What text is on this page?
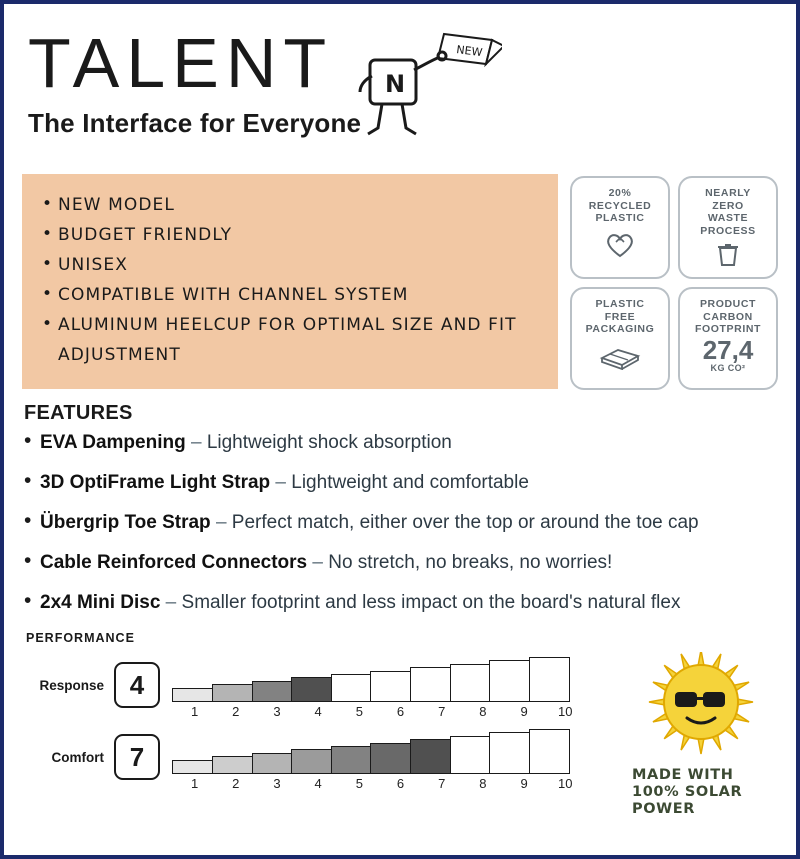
TALENT
The Interface for Everyone
NEW
N
• NEW MODEL
• BUDGET FRIENDLY
• UNISEX
• COMPATIBLE WITH CHANNEL SYSTEM
• ALUMINUM HEELCUP FOR OPTIMAL SIZE AND FIT ADJUSTMENT
20%
RECYCLED
PLASTIC
NEARLY
ZERO
WASTE
PROCESS
PLASTIC
FREE
PACKAGING
PRODUCT
CARBON
FOOTPRINT
27,4
KG CO²
FEATURES
• EVA Dampening – Lightweight shock absorption
• 3D OptiFrame Light Strap – Lightweight and comfortable
• Übergrip Toe Strap – Perfect match, either over the top or around the toe cap
• Cable Reinforced Connectors – No stretch, no breaks, no worries!
• 2x4 Mini Disc – Smaller footprint and less impact on the board's natural flex
PERFORMANCE
Response 4
1	2	3	4	5	6	7	8	9	10
Comfort 7
1	2	3	4	5	6	7	8	9	10	MADE WITH
100% SOLAR
POWER
